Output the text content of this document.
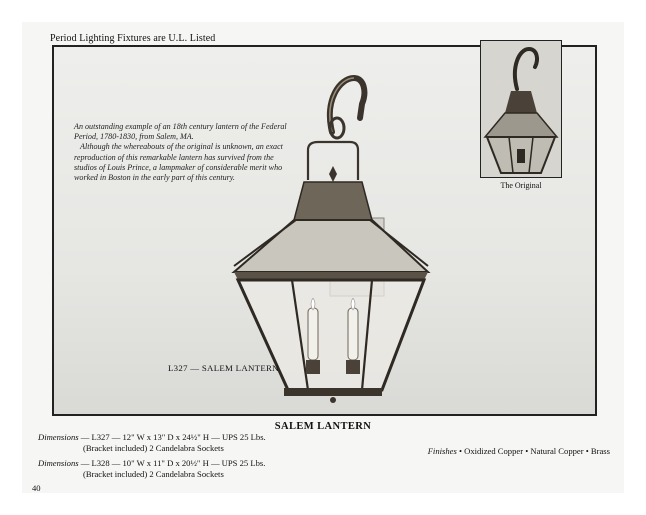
Period Lighting Fixtures are U.L. Listed

An outstanding example of an 18th century lantern of the Federal Period, 1780-1830, from Salem, MA.

Although the whereabouts of the original is unknown, an exact reproduction of this remarkable lantern has survived from the studios of Louis Prince, a lampmaker of considerable merit who worked in Boston in the early part of this century.

L327 — SALEM LANTERN
The Original
SALEM LANTERN
Dimensions — L327 — 12" W x 13" D x 24½" H — UPS 25 Lbs.
(Bracket included) 2 Candelabra Sockets
Dimensions — L328 — 10" W x 11" D x 20½" H — UPS 25 Lbs.
(Bracket included) 2 Candelabra Sockets
Finishes • Oxidized Copper • Natural Copper • Brass
40
